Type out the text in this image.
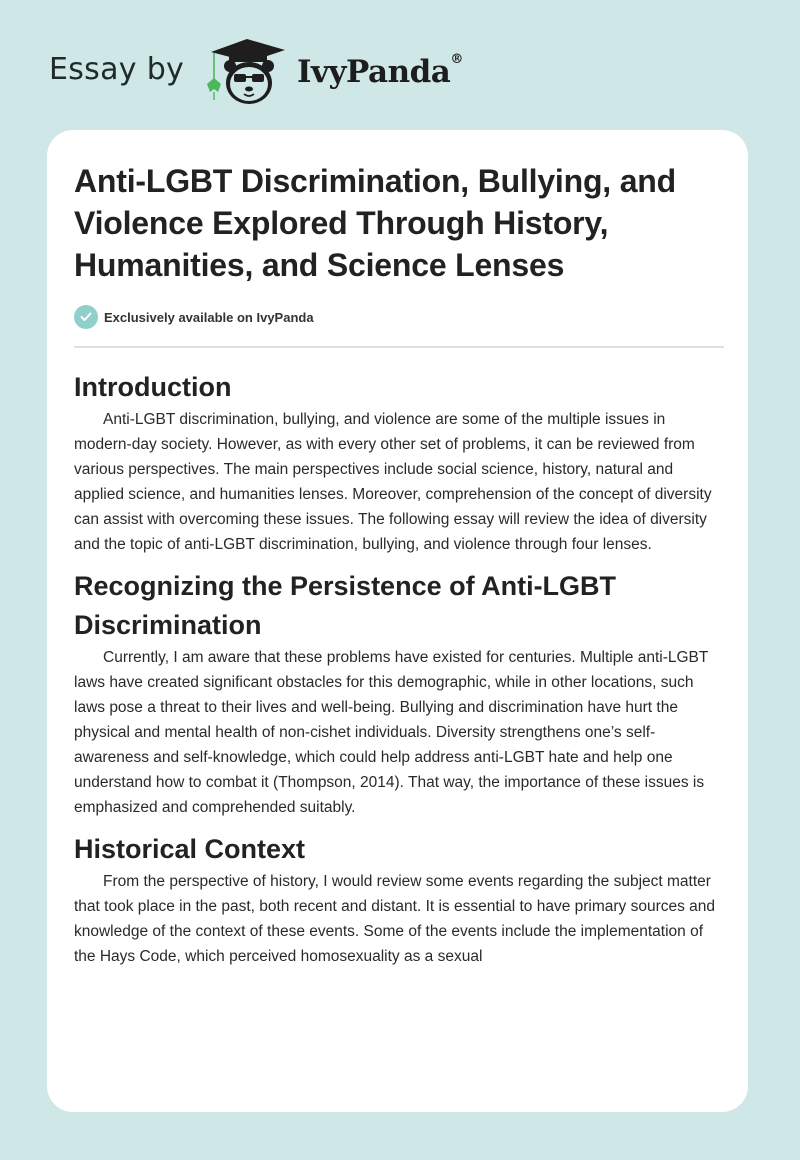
Essay by	IvyPanda®
Anti-LGBT Discrimination, Bullying, and Violence Explored Through History, Humanities, and Science Lenses
Exclusively available on IvyPanda
Introduction

Anti-LGBT discrimination, bullying, and violence are some of the multiple issues in modern-day society. However, as with every other set of problems, it can be reviewed from various perspectives. The main perspectives include social science, history, natural and applied science, and humanities lenses. Moreover, comprehension of the concept of diversity can assist with overcoming these issues. The following essay will review the idea of diversity and the topic of anti-LGBT discrimination, bullying, and violence through four lenses.

Recognizing the Persistence of Anti-LGBT Discrimination

Currently, I am aware that these problems have existed for centuries. Multiple anti-LGBT laws have created significant obstacles for this demographic, while in other locations, such laws pose a threat to their lives and well-being. Bullying and discrimination have hurt the physical and mental health of non-cishet individuals. Diversity strengthens one’s self-awareness and self-knowledge, which could help address anti-LGBT hate and help one understand how to combat it (Thompson, 2014). That way, the importance of these issues is emphasized and comprehended suitably.

Historical Context

From the perspective of history, I would review some events regarding the subject matter that took place in the past, both recent and distant. It is essential to have primary sources and knowledge of the context of these events. Some of the events include the implementation of the Hays Code, which perceived homosexuality as a sexual
